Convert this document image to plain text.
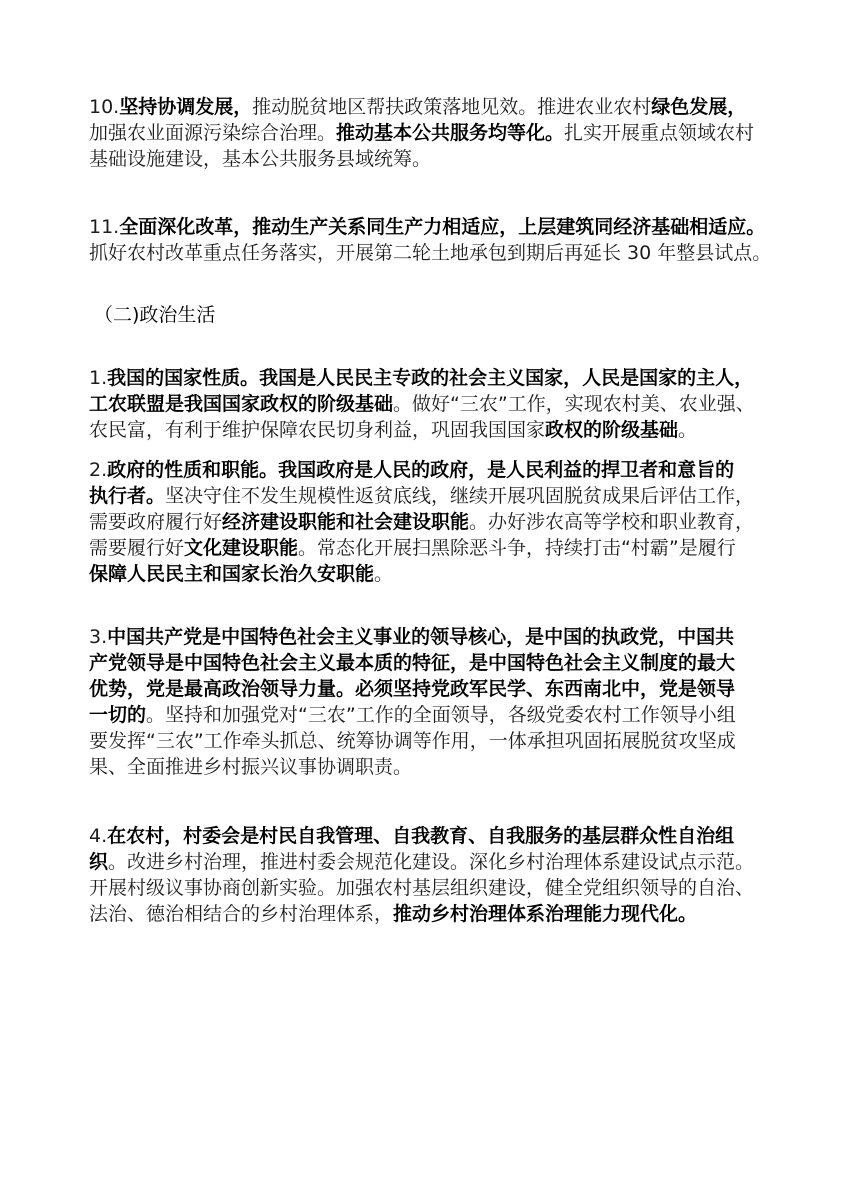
10.坚持协调发展，推动脱贫地区帮扶政策落地见效。推进农业农村绿色发展，
加强农业面源污染综合治理。推动基本公共服务均等化。扎实开展重点领域农村
基础设施建设，基本公共服务县域统筹。
11.全面深化改革，推动生产关系同生产力相适应，上层建筑同经济基础相适应。
抓好农村改革重点任务落实，开展第二轮土地承包到期后再延长 30 年整县试点。
（二)政治生活
1.我国的国家性质。我国是人民民主专政的社会主义国家，人民是国家的主人，
工农联盟是我国国家政权的阶级基础。做好“三农”工作，实现农村美、农业强、
农民富，有利于维护保障农民切身利益，巩固我国国家政权的阶级基础。
2.政府的性质和职能。我国政府是人民的政府，是人民利益的捍卫者和意旨的
执行者。坚决守住不发生规模性返贫底线，继续开展巩固脱贫成果后评估工作，
需要政府履行好经济建设职能和社会建设职能。办好涉农高等学校和职业教育，
需要履行好文化建设职能。常态化开展扫黑除恶斗争，持续打击“村霸”是履行
保障人民民主和国家长治久安职能。
3.中国共产党是中国特色社会主义事业的领导核心，是中国的执政党，中国共
产党领导是中国特色社会主义最本质的特征，是中国特色社会主义制度的最大
优势，党是最高政治领导力量。必须坚持党政军民学、东西南北中，党是领导
一切的。坚持和加强党对“三农”工作的全面领导，各级党委农村工作领导小组
要发挥“三农”工作牵头抓总、统筹协调等作用，一体承担巩固拓展脱贫攻坚成
果、全面推进乡村振兴议事协调职责。
4.在农村，村委会是村民自我管理、自我教育、自我服务的基层群众性自治组
织。改进乡村治理，推进村委会规范化建设。深化乡村治理体系建设试点示范。
开展村级议事协商创新实验。加强农村基层组织建设，健全党组织领导的自治、
法治、德治相结合的乡村治理体系，推动乡村治理体系治理能力现代化。
